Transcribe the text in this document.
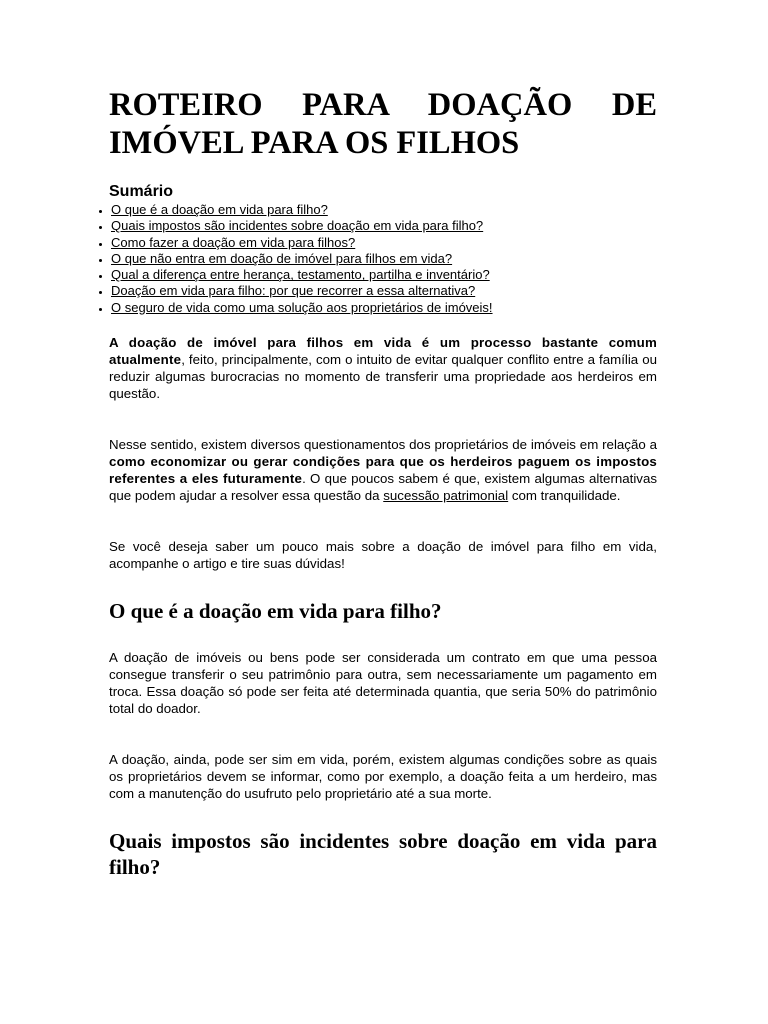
ROTEIRO PARA DOAÇÃO DE IMÓVEL PARA OS FILHOS
Sumário
• O que é a doação em vida para filho?
• Quais impostos são incidentes sobre doação em vida para filho?
• Como fazer a doação em vida para filhos?
• O que não entra em doação de imóvel para filhos em vida?
• Qual a diferença entre herança, testamento, partilha e inventário?
• Doação em vida para filho: por que recorrer a essa alternativa?
• O seguro de vida como uma solução aos proprietários de imóveis!

A doação de imóvel para filhos em vida é um processo bastante comum atualmente, feito, principalmente, com o intuito de evitar qualquer conflito entre a família ou reduzir algumas burocracias no momento de transferir uma propriedade aos herdeiros em questão.

Nesse sentido, existem diversos questionamentos dos proprietários de imóveis em relação a como economizar ou gerar condições para que os herdeiros paguem os impostos referentes a eles futuramente. O que poucos sabem é que, existem algumas alternativas que podem ajudar a resolver essa questão da sucessão patrimonial com tranquilidade.

Se você deseja saber um pouco mais sobre a doação de imóvel para filho em vida, acompanhe o artigo e tire suas dúvidas!

O que é a doação em vida para filho?

A doação de imóveis ou bens pode ser considerada um contrato em que uma pessoa consegue transferir o seu patrimônio para outra, sem necessariamente um pagamento em troca. Essa doação só pode ser feita até determinada quantia, que seria 50% do patrimônio total do doador.

A doação, ainda, pode ser sim em vida, porém, existem algumas condições sobre as quais os proprietários devem se informar, como por exemplo, a doação feita a um herdeiro, mas com a manutenção do usufruto pelo proprietário até a sua morte.

Quais impostos são incidentes sobre doação em vida para filho?
